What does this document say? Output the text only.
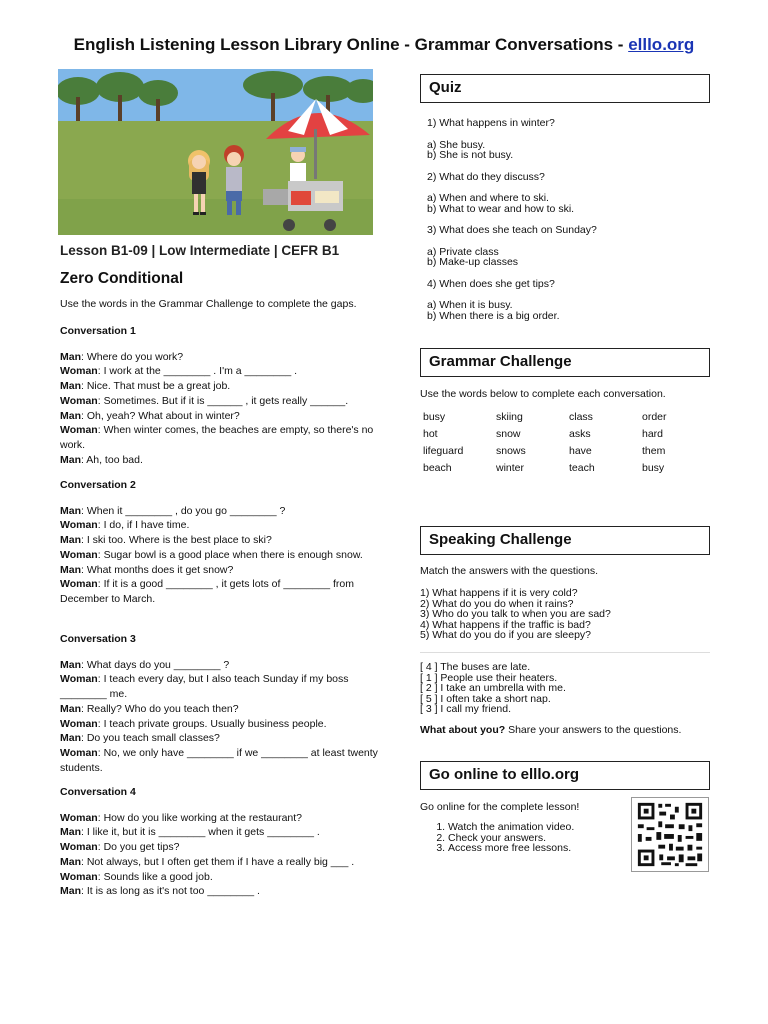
English Listening Lesson Library Online - Grammar Conversations - elllo.org
Lesson B1-09 | Low Intermediate | CEFR B1
Zero Conditional
Use the words in the Grammar Challenge to complete the gaps.
Conversation 1
Man: Where do you work?
Woman: I work at the ________ . I'm a ________ .
Man: Nice. That must be a great job.
Woman: Sometimes. But if it is ______ , it gets really ______.
Man: Oh, yeah? What about in winter?
Woman: When winter comes, the beaches are empty, so there's no work.
Man: Ah, too bad.
Conversation 2
Man: When it ________ , do you go ________ ?
Woman: I do, if I have time.
Man: I ski too. Where is the best place to ski?
Woman: Sugar bowl is a good place when there is enough snow.
Man: What months does it get snow?
Woman: If it is a good ________ , it gets lots of ________ from December to March.
Conversation 3
Man: What days do you ________ ?
Woman: I teach every day, but I also teach Sunday if my boss ________ me.
Man: Really? Who do you teach then?
Woman: I teach private groups. Usually business people.
Man: Do you teach small classes?
Woman: No, we only have ________ if we ________ at least twenty students.
Conversation 4
Woman: How do you like working at the restaurant?
Man: I like it, but it is ________ when it gets ________ .
Woman: Do you get tips?
Man: Not always, but I often get them if I have a really big ___ .
Woman: Sounds like a good job.
Man: It is as long as it's not too ________ .
Quiz
1) What happens in winter?
a) She busy.
b) She is not busy.
2) What do they discuss?
a) When and where to ski.
b) What to wear and how to ski.
3) What does she teach on Sunday?
a) Private class
b) Make-up classes
4) When does she get tips?
a) When it is busy.
b) When there is a big order.
Grammar Challenge
Use the words below to complete each conversation.
busy	skiing	class	order
hot	snow	asks	hard
lifeguard	snows	have	them
beach	winter	teach	busy
Speaking Challenge
Match the answers with the questions.
1) What happens if it is very cold?
2) What do you do when it rains?
3) Who do you talk to when you are sad?
4) What happens if the traffic is bad?
5) What do you do if you are sleepy?
[ 4 ] The buses are late.
[ 1 ] People use their heaters.
[ 2 ] I take an umbrella with me.
[ 5 ] I often take a short nap.
[ 3 ] I call my friend.
What about you? Share your answers to the questions.
Go online to elllo.org
Go online for the complete lesson!
1. Watch the animation video.
2. Check your answers.
3. Access more free lessons.
